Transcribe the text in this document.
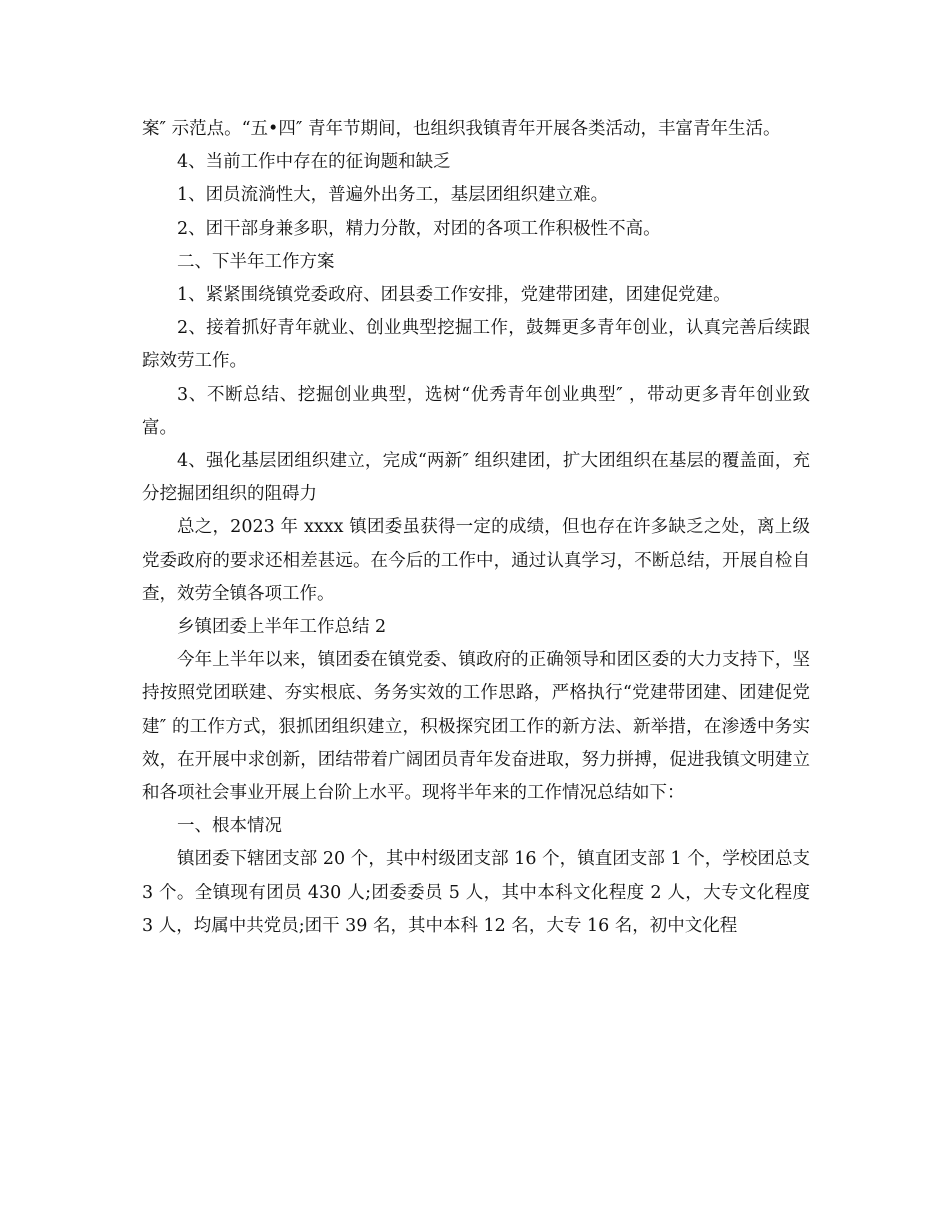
案″ 示范点。“五•四″ 青年节期间，也组织我镇青年开展各类活动，丰富青年生活。

4、当前工作中存在的征询题和缺乏

1、团员流淌性大，普遍外出务工，基层团组织建立难。

2、团干部身兼多职，精力分散，对团的各项工作积极性不高。

二、下半年工作方案

1、紧紧围绕镇党委政府、团县委工作安排，党建带团建，团建促党建。

2、接着抓好青年就业、创业典型挖掘工作，鼓舞更多青年创业，认真完善后续跟踪效劳工作。

3、不断总结、挖掘创业典型，选树“优秀青年创业典型″ ，带动更多青年创业致富。

4、强化基层团组织建立，完成“两新″ 组织建团，扩大团组织在基层的覆盖面，充分挖掘团组织的阻碍力

总之，2023 年 xxxx 镇团委虽获得一定的成绩，但也存在许多缺乏之处，离上级党委政府的要求还相差甚远。在今后的工作中，通过认真学习，不断总结，开展自检自查，效劳全镇各项工作。

乡镇团委上半年工作总结 2

今年上半年以来，镇团委在镇党委、镇政府的正确领导和团区委的大力支持下，坚持按照党团联建、夯实根底、务务实效的工作思路，严格执行“党建带团建、团建促党建″ 的工作方式，狠抓团组织建立，积极探究团工作的新方法、新举措，在渗透中务实效，在开展中求创新，团结带着广阔团员青年发奋进取，努力拼搏，促进我镇文明建立和各项社会事业开展上台阶上水平。现将半年来的工作情况总结如下：

一、根本情况

镇团委下辖团支部 20 个，其中村级团支部 16 个，镇直团支部 1 个，学校团总支 3 个。全镇现有团员 430 人;团委委员 5 人，其中本科文化程度 2 人，大专文化程度 3 人，均属中共党员;团干 39 名，其中本科 12 名，大专 16 名，初中文化程
